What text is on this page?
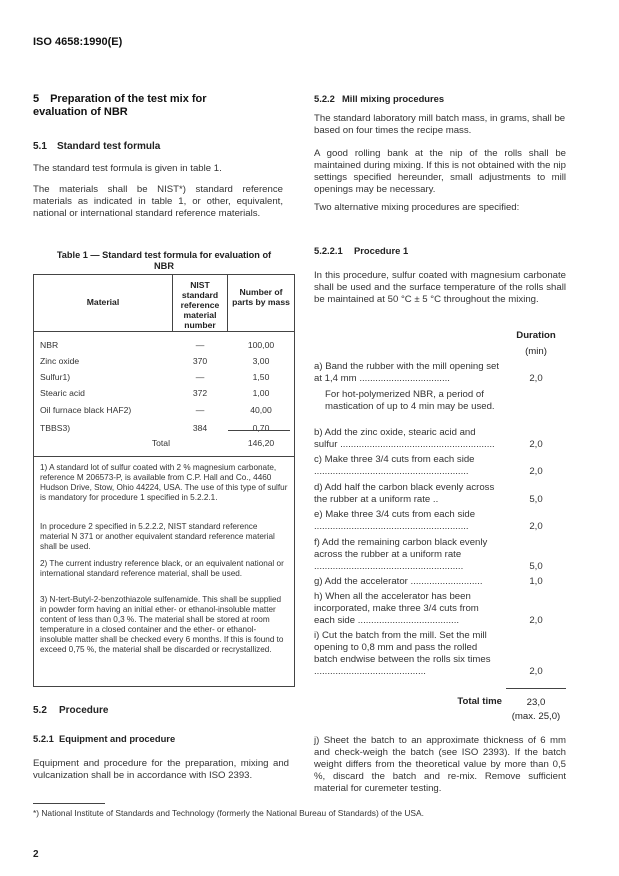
ISO 4658:1990(E)
5 Preparation of the test mix for
evaluation of NBR
5.1 Standard test formula
The standard test formula is given in table 1.
The materials shall be NIST*) standard reference materials as indicated in table 1, or other, equivalent, national or international standard reference materials.
Table 1 — Standard test formula for evaluation of
NBR
Material
NIST standard reference material number
Number of parts by mass
NBR	—	100,00
Zinc oxide	370	3,00
Sulfur1)	—	1,50
Stearic acid	372	1,00
Oil furnace black HAF2)	—	40,00
TBBS3)	384	0,70
Total	146,20
1) A standard lot of sulfur coated with 2 % magnesium carbonate, reference M 206573-P, is available from C.P. Hall and Co., 4460 Hudson Drive, Stow, Ohio 44224, USA. The use of this type of sulfur is mandatory for procedure 1 specified in 5.2.2.1.
In procedure 2 specified in 5.2.2.2, NIST standard reference material N 371 or another equivalent standard reference material shall be used.
2) The current industry reference black, or an equivalent national or international standard reference material, shall be used.
3) N-tert-Butyl-2-benzothiazole sulfenamide. This shall be supplied in powder form having an initial ether- or ethanol-insoluble matter content of less than 0,3 %. The material shall be stored at room temperature in a closed container and the ether- or ethanol-insoluble matter shall be checked every 6 months. If this is found to exceed 0,75 %, the material shall be discarded or recrystallized.
5.2 Procedure
5.2.1 Equipment and procedure
Equipment and procedure for the preparation, mixing and vulcanization shall be in accordance with ISO 2393.
5.2.2 Mill mixing procedures
The standard laboratory mill batch mass, in grams, shall be based on four times the recipe mass.
A good rolling bank at the nip of the rolls shall be maintained during mixing. If this is not obtained with the nip settings specified hereunder, small adjustments to mill openings may be necessary.
Two alternative mixing procedures are specified:
5.2.2.1 Procedure 1
In this procedure, sulfur coated with magnesium carbonate shall be used and the surface temperature of the rolls shall be maintained at 50 °C ± 5 °C throughout the mixing.
Duration
(min)
a) Band the rubber with the mill opening set at 1,4 mm ..................................	2,0
For hot-polymerized NBR, a period of mastication of up to 4 min may be used.
b) Add the zinc oxide, stearic acid and sulfur ..........................................................	2,0
c) Make three 3/4 cuts from each side ..........................................................	2,0
d) Add half the carbon black evenly across the rubber at a uniform rate ..	5,0
e) Make three 3/4 cuts from each side ..........................................................	2,0
f) Add the remaining carbon black evenly across the rubber at a uniform rate ........................................................	5,0
g) Add the accelerator ...........................	1,0
h) When all the accelerator has been incorporated, make three 3/4 cuts from each side ......................................	2,0
i) Cut the batch from the mill. Set the mill opening to 0,8 mm and pass the rolled batch endwise between the rolls six times ..........................................	2,0
Total time	23,0
(max. 25,0)
j) Sheet the batch to an approximate thickness of 6 mm and check-weigh the batch (see ISO 2393). If the batch weight differs from the theoretical value by more than 0,5 %, discard the batch and re-mix. Remove sufficient material for curemeter testing.
*) National Institute of Standards and Technology (formerly the National Bureau of Standards) of the USA.
2
